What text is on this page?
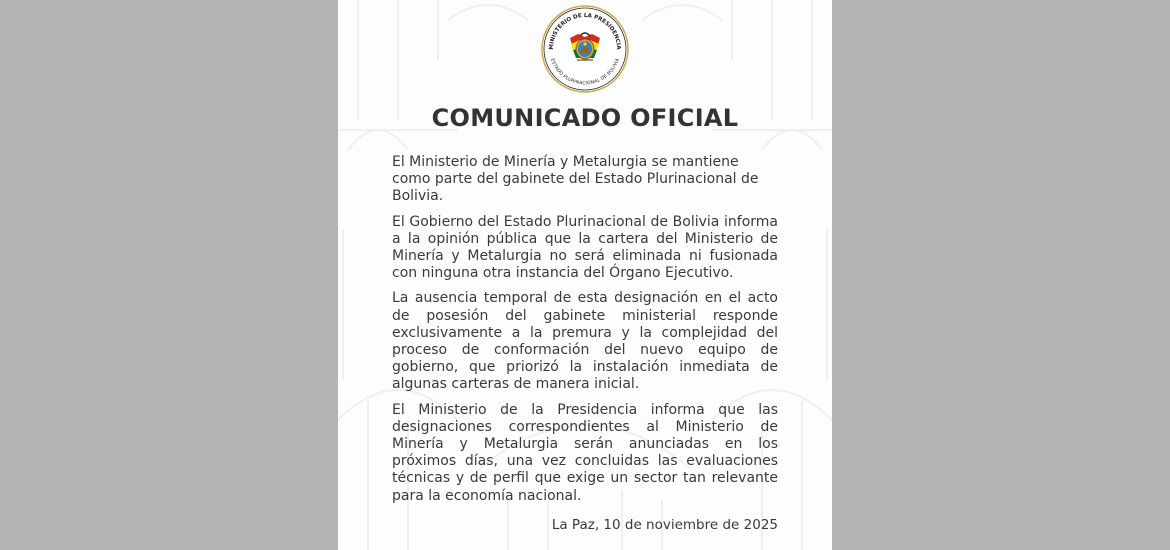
MINISTERIO DE LA PRESIDENCIA
ESTADO PLURINACIONAL DE BOLIVIA
COMUNICADO OFICIAL

El Ministerio de Minería y Metalurgia se mantiene como parte del gabinete del Estado Plurinacional de Bolivia.

El Gobierno del Estado Plurinacional de Bolivia informa a la opinión pública que la cartera del Ministerio de Minería y Metalurgia no será eliminada ni fusionada con ninguna otra instancia del Órgano Ejecutivo.

La ausencia temporal de esta designación en el acto de posesión del gabinete ministerial responde exclusivamente a la premura y la complejidad del proceso de conformación del nuevo equipo de gobierno, que priorizó la instalación inmediata de algunas carteras de manera inicial.

El Ministerio de la Presidencia informa que las designaciones correspondientes al Ministerio de Minería y Metalurgia serán anunciadas en los próximos días, una vez concluidas las evaluaciones técnicas y de perfil que exige un sector tan relevante para la economía nacional.

La Paz, 10 de noviembre de 2025
